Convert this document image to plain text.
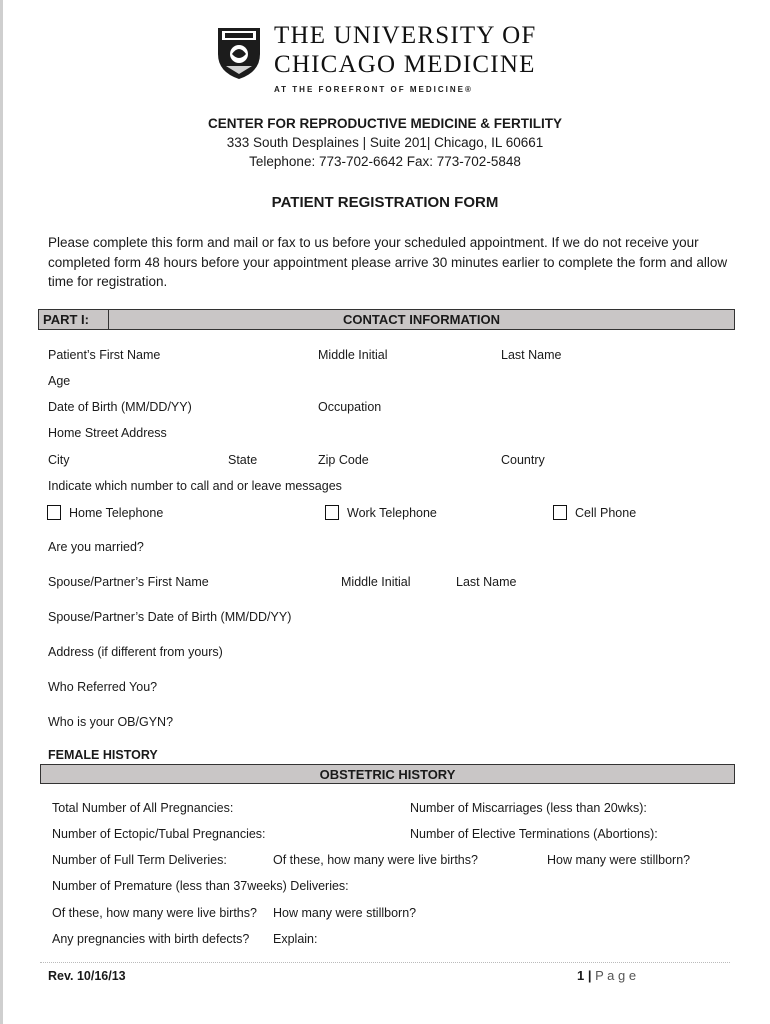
THE UNIVERSITY OF
CHICAGO MEDICINE
AT THE FOREFRONT OF MEDICINE®
CENTER FOR REPRODUCTIVE MEDICINE & FERTILITY
333 South Desplaines | Suite 201| Chicago, IL 60661
Telephone: 773-702-6642 Fax: 773-702-5848
PATIENT REGISTRATION FORM
Please complete this form and mail or fax to us before your scheduled appointment. If we do not receive your completed form 48 hours before your appointment please arrive 30 minutes earlier to complete the form and allow time for registration.
PART I:	CONTACT INFORMATION
Patient’s First Name	Middle Initial	Last Name
Age
Date of Birth (MM/DD/YY)	Occupation
Home Street Address
City	State	Zip Code	Country
Indicate which number to call and or leave messages
Home Telephone	Work Telephone	Cell Phone
Are you married?
Spouse/Partner’s First Name	Middle Initial	Last Name
Spouse/Partner’s Date of Birth (MM/DD/YY)
Address (if different from yours)
Who Referred You?
Who is your OB/GYN?
FEMALE HISTORY
OBSTETRIC HISTORY
Total Number of All Pregnancies:	Number of Miscarriages (less than 20wks):
Number of Ectopic/Tubal Pregnancies:	Number of Elective Terminations (Abortions):
Number of Full Term Deliveries:	Of these, how many were live births?	How many were stillborn?
Number of Premature (less than 37weeks) Deliveries:
Of these, how many were live births? How many were stillborn?
Any pregnancies with birth defects? Explain:
Rev. 10/16/13	1 | P a g e
